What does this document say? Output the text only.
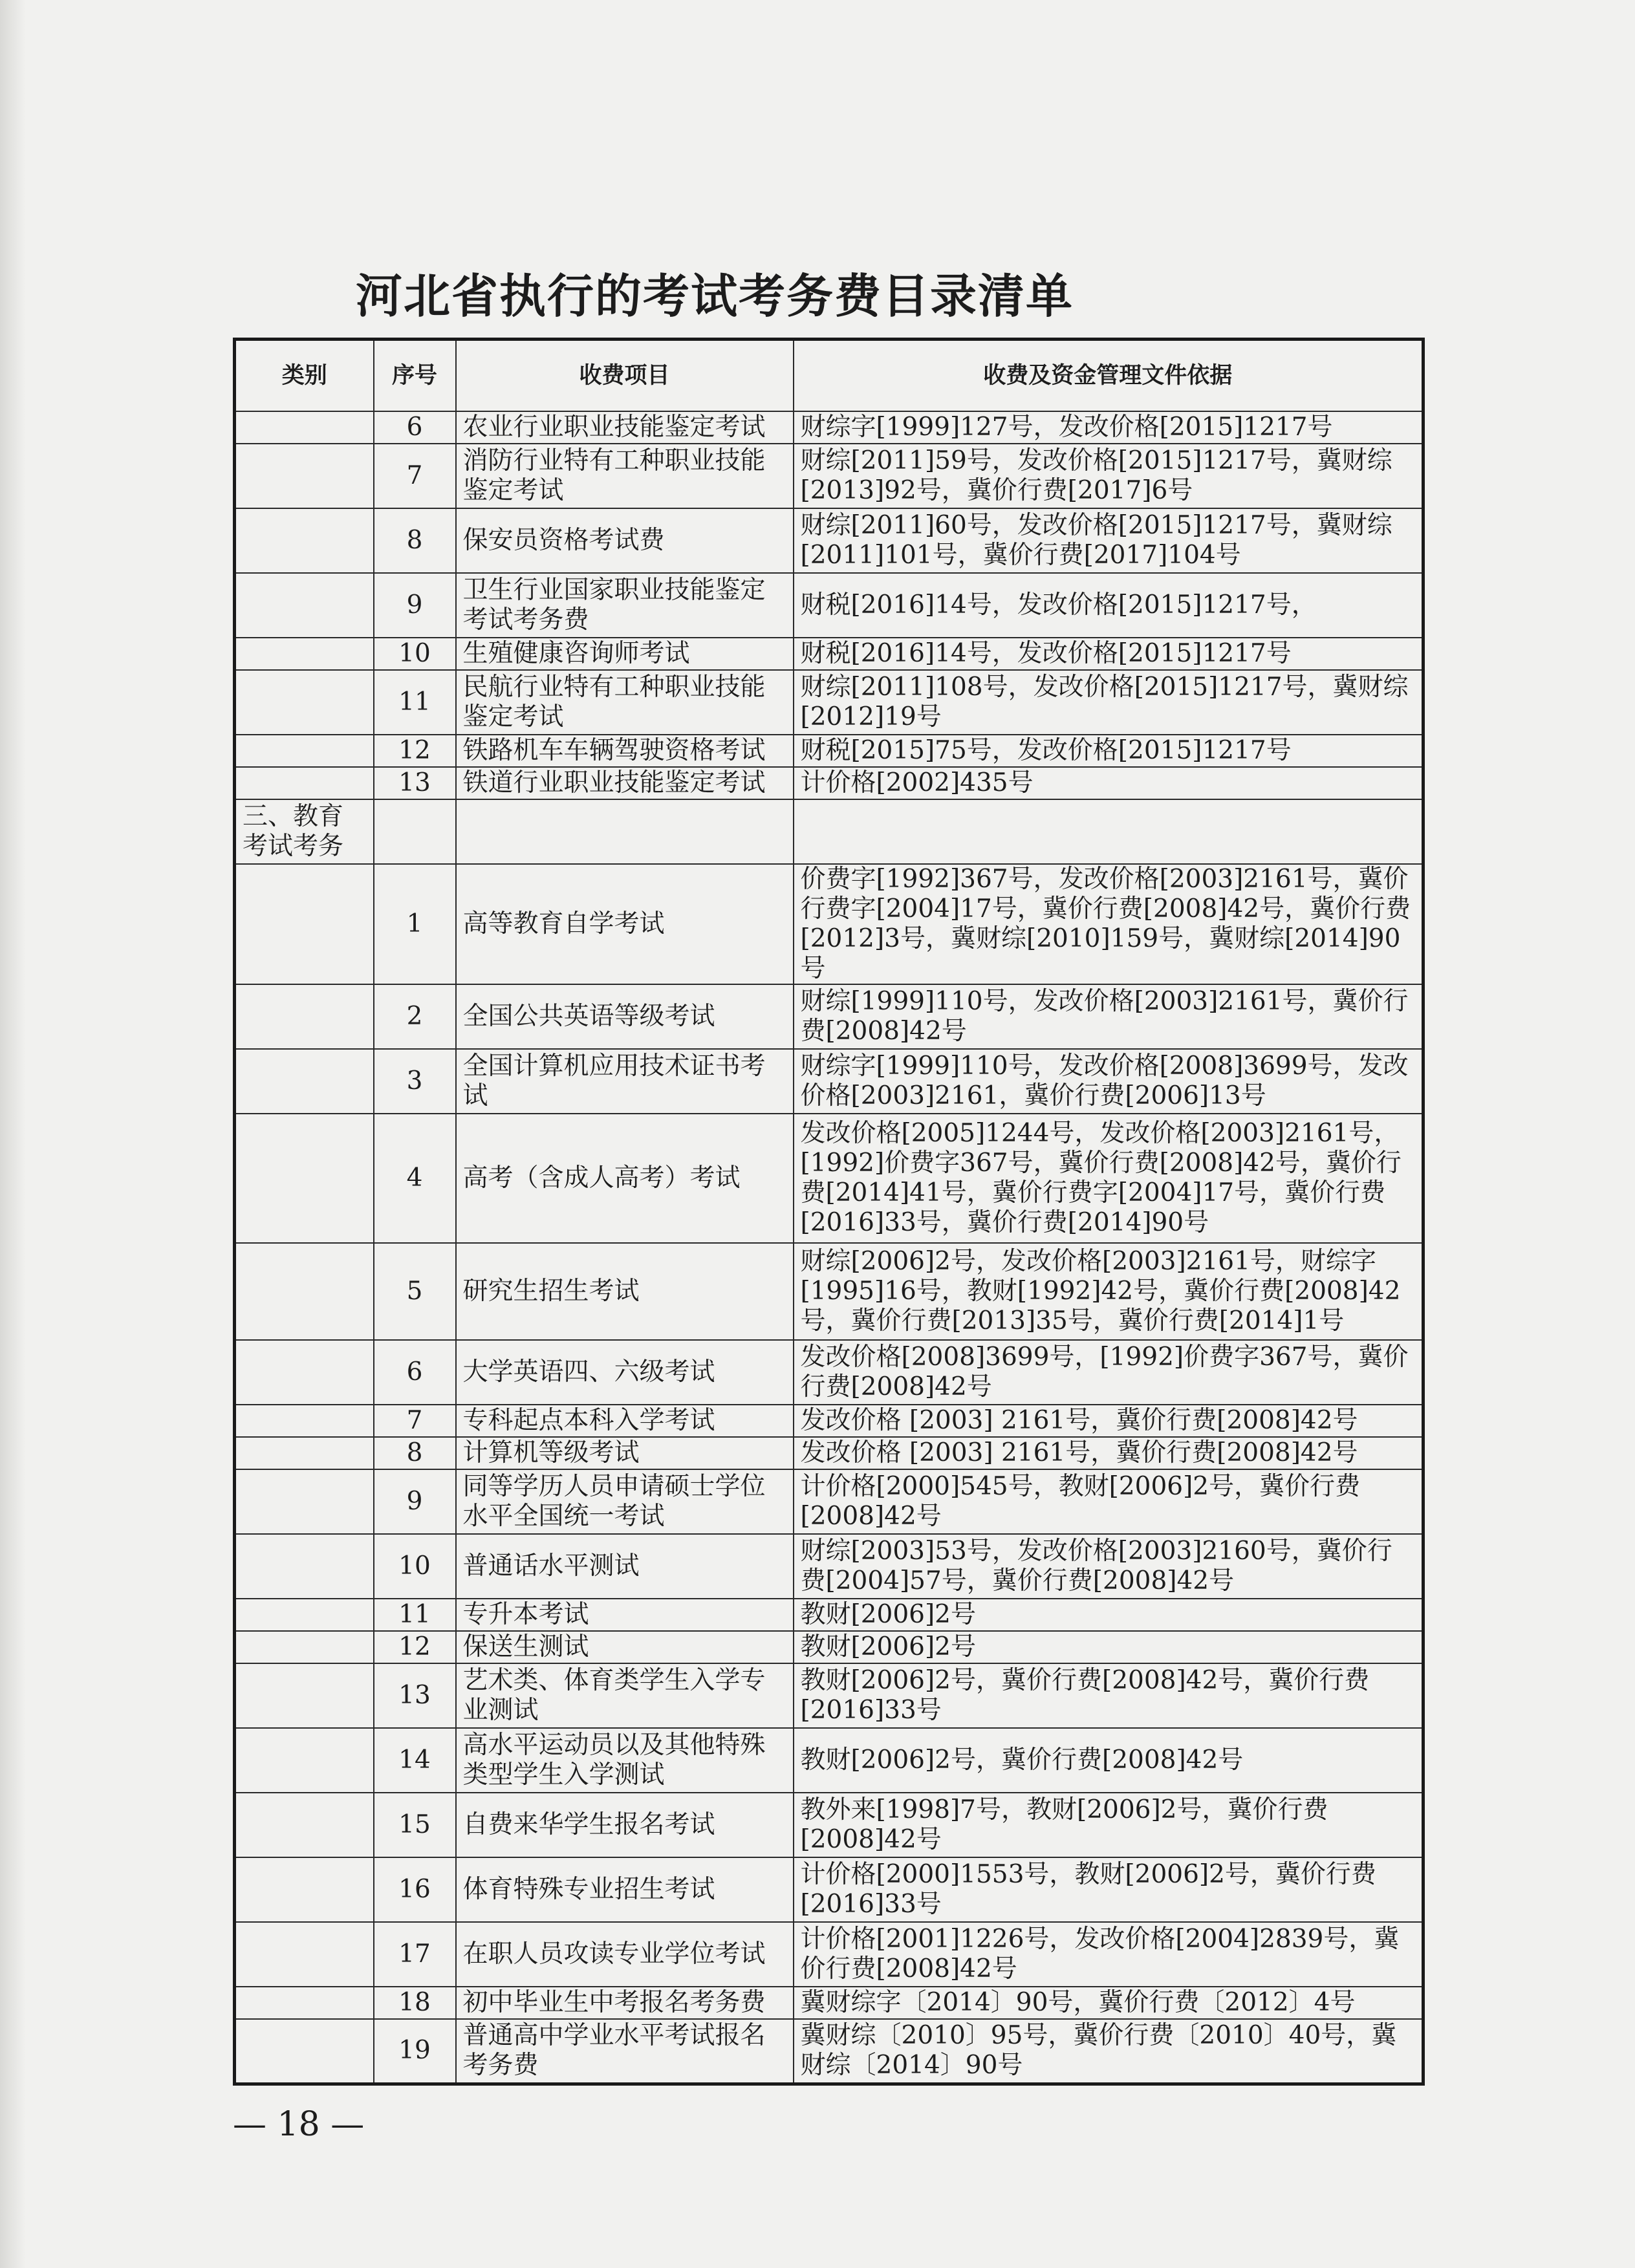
河北省执行的考试考务费目录清单
类别	序号	收费项目	收费及资金管理文件依据
	6	农业行业职业技能鉴定考试	财综字[1999]127号，发改价格[2015]1217号
	7	消防行业特有工种职业技能鉴定考试	财综[2011]59号，发改价格[2015]1217号，冀财综[2013]92号，冀价行费[2017]6号
	8	保安员资格考试费	财综[2011]60号，发改价格[2015]1217号，冀财综[2011]101号，冀价行费[2017]104号
	9	卫生行业国家职业技能鉴定考试考务费	财税[2016]14号，发改价格[2015]1217号，
	10	生殖健康咨询师考试	财税[2016]14号，发改价格[2015]1217号
	11	民航行业特有工种职业技能鉴定考试	财综[2011]108号，发改价格[2015]1217号，冀财综[2012]19号
	12	铁路机车车辆驾驶资格考试	财税[2015]75号，发改价格[2015]1217号
	13	铁道行业职业技能鉴定考试	计价格[2002]435号
三、教育考试考务			
	1	高等教育自学考试	价费字[1992]367号，发改价格[2003]2161号，冀价行费字[2004]17号，冀价行费[2008]42号，冀价行费[2012]3号，冀财综[2010]159号，冀财综[2014]90号
	2	全国公共英语等级考试	财综[1999]110号，发改价格[2003]2161号，冀价行费[2008]42号
	3	全国计算机应用技术证书考试	财综字[1999]110号，发改价格[2008]3699号，发改价格[2003]2161，冀价行费[2006]13号
	4	高考（含成人高考）考试	发改价格[2005]1244号，发改价格[2003]2161号，[1992]价费字367号，冀价行费[2008]42号，冀价行费[2014]41号，冀价行费字[2004]17号，冀价行费[2016]33号，冀价行费[2014]90号
	5	研究生招生考试	财综[2006]2号，发改价格[2003]2161号，财综字[1995]16号，教财[1992]42号，冀价行费[2008]42号，冀价行费[2013]35号，冀价行费[2014]1号
	6	大学英语四、六级考试	发改价格[2008]3699号，[1992]价费字367号，冀价行费[2008]42号
	7	专科起点本科入学考试	发改价格 [2003] 2161号，冀价行费[2008]42号
	8	计算机等级考试	发改价格 [2003] 2161号，冀价行费[2008]42号
	9	同等学历人员申请硕士学位水平全国统一考试	计价格[2000]545号，教财[2006]2号，冀价行费[2008]42号
	10	普通话水平测试	财综[2003]53号，发改价格[2003]2160号，冀价行费[2004]57号，冀价行费[2008]42号
	11	专升本考试	教财[2006]2号
	12	保送生测试	教财[2006]2号
	13	艺术类、体育类学生入学专业测试	教财[2006]2号，冀价行费[2008]42号，冀价行费[2016]33号
	14	高水平运动员以及其他特殊类型学生入学测试	教财[2006]2号，冀价行费[2008]42号
	15	自费来华学生报名考试	教外来[1998]7号，教财[2006]2号，冀价行费[2008]42号
	16	体育特殊专业招生考试	计价格[2000]1553号，教财[2006]2号，冀价行费[2016]33号
	17	在职人员攻读专业学位考试	计价格[2001]1226号，发改价格[2004]2839号，冀价行费[2008]42号
	18	初中毕业生中考报名考务费	冀财综字〔2014〕90号，冀价行费〔2012〕4号
	19	普通高中学业水平考试报名考务费	冀财综〔2010〕95号，冀价行费〔2010〕40号，冀财综〔2014〕90号
— 18 —
